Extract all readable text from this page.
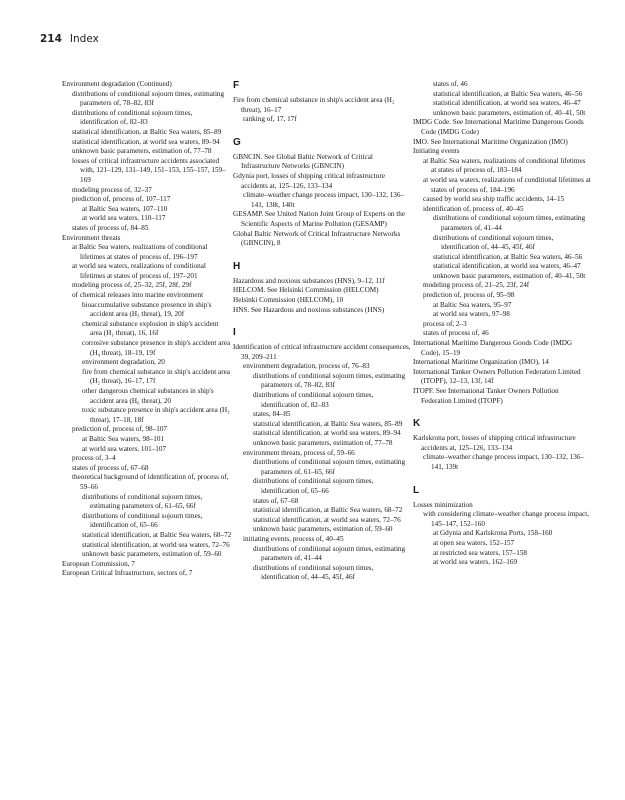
214 Index

Environment degradation (Continued)

distributions of conditional sojourn times, estimating parameters of, 78–82, 83f

distributions of conditional sojourn times, identification of, 82–83

statistical identification, at Baltic Sea waters, 85–89

statistical identification, at world sea waters, 89–94

unknown basic parameters, estimation of, 77–78

losses of critical infrastructure accidents associated with, 121–129, 131–149, 151–153, 155–157, 159–169

modeling process of, 32–37

prediction of, process of, 107–117

at Baltic Sea waters, 107–110

at world sea waters, 110–117

states of process of, 84–85

Environment threats

at Baltic Sea waters, realizations of conditional lifetimes at states of process of, 196–197

at world sea waters, realizations of conditional lifetimes at states of process of, 197–201

modeling process of, 25–32, 25f, 28f, 29f

of chemical releases into marine environment

bioaccumulative substance presence in ship's accident area (H₅ threat), 19, 20f

chemical substance explosion in ship's accident area (H₁ threat), 16, 16f

corrosive substance presence in ship's accident area (H₄ threat), 18–19, 19f

environment degradation, 20

fire from chemical substance in ship's accident area (H₂ threat), 16–17, 17f

other dangerous chemical substances in ship's accident area (H₆ threat), 20

toxic substance presence in ship's accident area (H₃ threat), 17–18, 18f

prediction of, process of, 98–107

at Baltic Sea waters, 98–101

at world sea waters, 101–107

process of, 3–4

states of process of, 67–68

theoretical background of identification of, process of, 59–66

distributions of conditional sojourn times, estimating parameters of, 61–65, 66f

distributions of conditional sojourn times, identification of, 65–66

statistical identification, at Baltic Sea waters, 68–72

statistical identification, at world sea waters, 72–76

unknown basic parameters, estimation of, 59–60

European Commission, 7

European Critical Infrastructure, sectors of, 7

F

Fire from chemical substance in ship's accident area (H₂ threat), 16–17

ranking of, 17, 17f

G

GBNCIN. See Global Baltic Network of Critical Infrastructure Networks (GBNCIN)

Gdynia port, losses of shipping critical infrastructure accidents at, 125–126, 133–134

climate–weather change process impact, 130–132, 136–141, 138t, 140t

GESAMP. See United Nation Joint Group of Experts on the Scientific Aspects of Marine Pollution (GESAMP)

Global Baltic Network of Critical Infrastructure Networks (GBNCIN), 8

H

Hazardous and noxious substances (HNS), 9–12, 11f

HELCOM. See Helsinki Commission (HELCOM)

Helsinki Commission (HELCOM), 10

HNS. See Hazardous and noxious substances (HNS)

I

Identification of critical infrastructure accident consequences, 39, 209–211

environment degradation, process of, 76–83

distributions of conditional sojourn times, estimating parameters of, 78–82, 83f

distributions of conditional sojourn times, identification of, 82–83

states, 84–85

statistical identification, at Baltic Sea waters, 85–89

statistical identification, at world sea waters, 89–94

unknown basic parameters, estimation of, 77–78

environment threats, process of, 59–66

distributions of conditional sojourn times, estimating parameters of, 61–65, 66f

distributions of conditional sojourn times, identification of, 65–66

states of, 67–68

statistical identification, at Baltic Sea waters, 68–72

statistical identification, at world sea waters, 72–76

unknown basic parameters, estimation of, 59–60

initiating events, process of, 40–45

distributions of conditional sojourn times, estimating parameters of, 41–44

distributions of conditional sojourn times, identification of, 44–45, 45f, 46f

states of, 46

statistical identification, at Baltic Sea waters, 46–56

statistical identification, at world sea waters, 46–47

unknown basic parameters, estimation of, 40–41, 50t

IMDG Code. See International Maritime Dangerous Goods Code (IMDG Code)

IMO. See International Maritime Organization (IMO)

Initiating events

at Baltic Sea waters, realizations of conditional lifetimes at states of process of, 183–184

at world sea waters, realizations of conditional lifetimes at states of process of, 184–196

caused by world sea ship traffic accidents, 14–15

identification of, process of, 40–45

distributions of conditional sojourn times, estimating parameters of, 41–44

distributions of conditional sojourn times, identification of, 44–45, 45f, 46f

statistical identification, at Baltic Sea waters, 46–56

statistical identification, at world sea waters, 46–47

unknown basic parameters, estimation of, 40–41, 50t

modeling process of, 21–25, 23f, 24f

prediction of, process of, 95–98

at Baltic Sea waters, 95–97

at world sea waters, 97–98

process of, 2–3

states of process of, 46

International Maritime Dangerous Goods Code (IMDG Code), 15–19

International Maritime Organization (IMO), 14

International Tanker Owners Pollution Federation Limited (ITOPF), 12–13, 13f, 14f

ITOPF. See International Tanker Owners Pollution Federation Limited (ITOPF)

K

Karlskrona port, losses of shipping critical infrastructure accidents at, 125–126, 133–134

climate–weather change process impact, 130–132, 136–141, 139t

L

Losses minimization

with considering climate–weather change process impact, 145–147, 152–160

at Gdynia and Karlskrona Ports, 158–160

at open sea waters, 152–157

at restricted sea waters, 157–158

at world sea waters, 162–169
